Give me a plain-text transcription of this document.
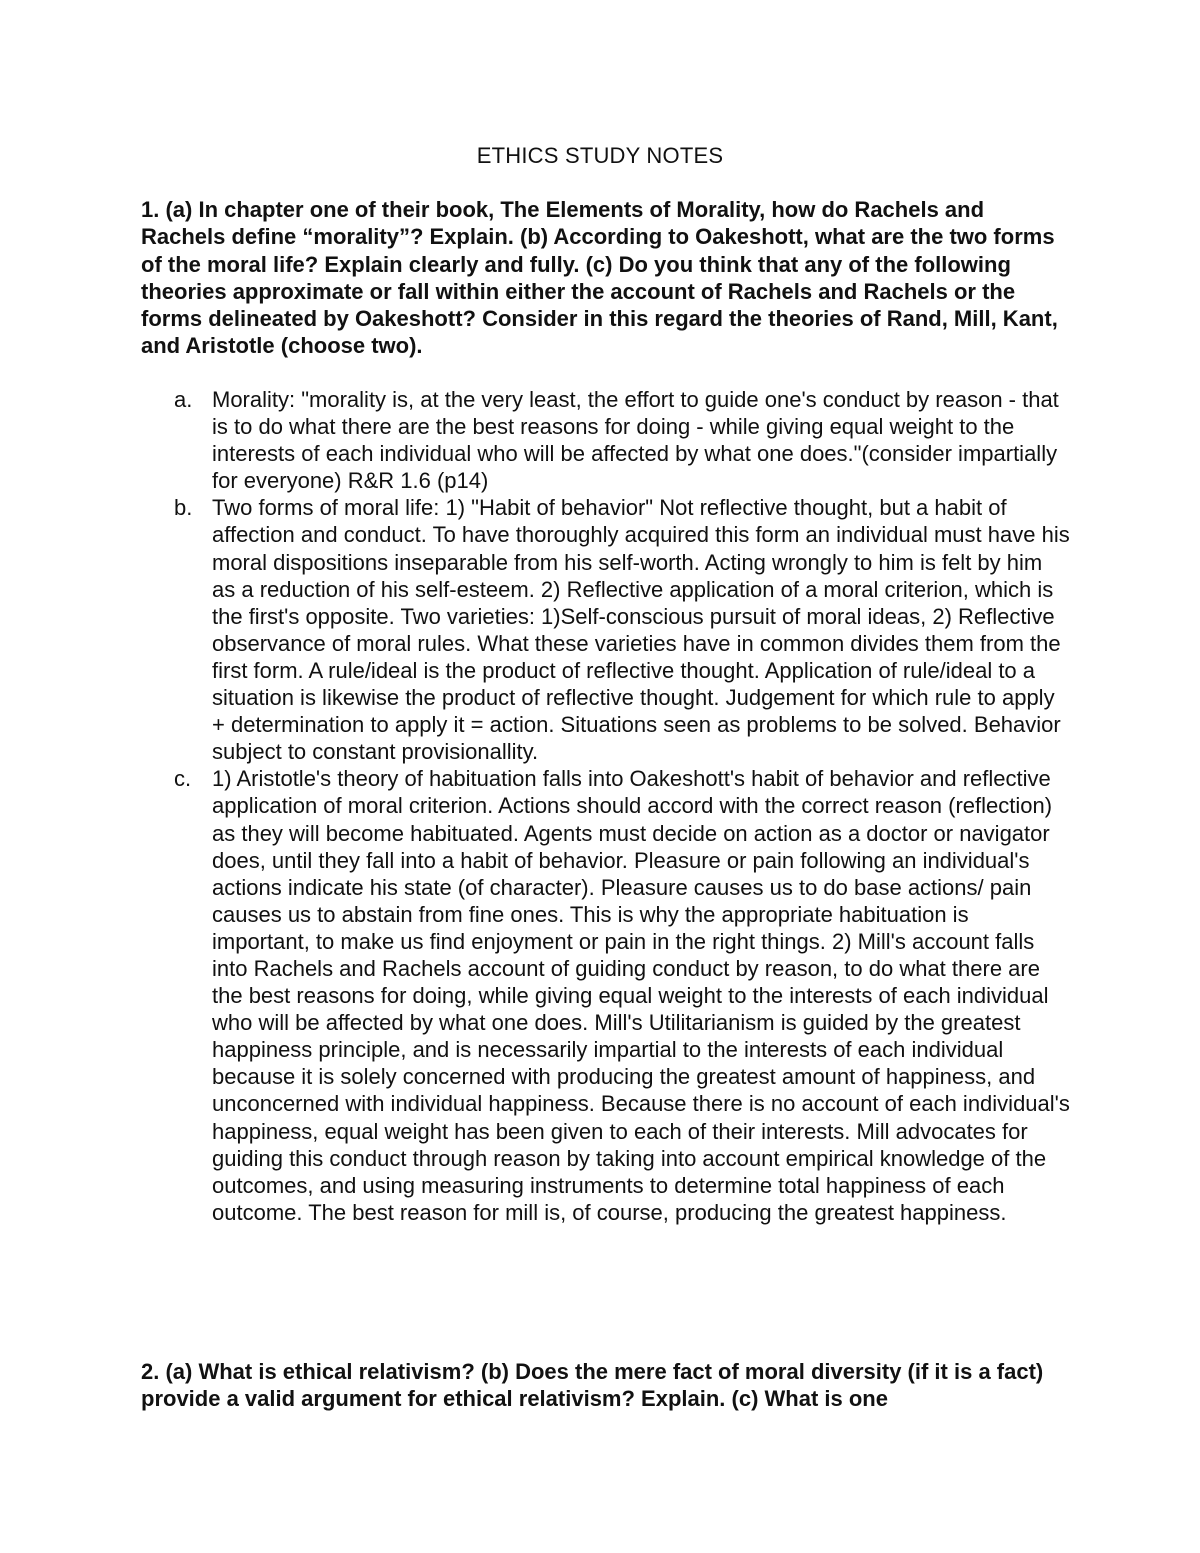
ETHICS STUDY NOTES
1. (a) In chapter one of their book, The Elements of Morality, how do Rachels and Rachels define “morality”? Explain. (b) According to Oakeshott, what are the two forms of the moral life? Explain clearly and fully. (c) Do you think that any of the following theories approximate or fall within either the account of Rachels and Rachels or the forms delineated by Oakeshott? Consider in this regard the theories of Rand, Mill, Kant, and Aristotle (choose two).
a. Morality: "morality is, at the very least, the effort to guide one's conduct by reason - that is to do what there are the best reasons for doing - while giving equal weight to the interests of each individual who will be affected by what one does."(consider impartially for everyone) R&R 1.6 (p14)
b. Two forms of moral life: 1) "Habit of behavior" Not reflective thought, but a habit of affection and conduct. To have thoroughly acquired this form an individual must have his moral dispositions inseparable from his self-worth. Acting wrongly to him is felt by him as a reduction of his self-esteem. 2) Reflective application of a moral criterion, which is the first's opposite. Two varieties: 1)Self-conscious pursuit of moral ideas, 2) Reflective observance of moral rules. What these varieties have in common divides them from the first form. A rule/ideal is the product of reflective thought. Application of rule/ideal to a situation is likewise the product of reflective thought. Judgement for which rule to apply + determination to apply it = action. Situations seen as problems to be solved. Behavior subject to constant provisionallity.
c. 1) Aristotle's theory of habituation falls into Oakeshott's habit of behavior and reflective application of moral criterion. Actions should accord with the correct reason (reflection) as they will become habituated. Agents must decide on action as a doctor or navigator does, until they fall into a habit of behavior. Pleasure or pain following an individual's actions indicate his state (of character). Pleasure causes us to do base actions/ pain causes us to abstain from fine ones. This is why the appropriate habituation is important, to make us find enjoyment or pain in the right things. 2) Mill's account falls into Rachels and Rachels account of guiding conduct by reason, to do what there are the best reasons for doing, while giving equal weight to the interests of each individual who will be affected by what one does. Mill's Utilitarianism is guided by the greatest happiness principle, and is necessarily impartial to the interests of each individual because it is solely concerned with producing the greatest amount of happiness, and unconcerned with individual happiness. Because there is no account of each individual's happiness, equal weight has been given to each of their interests. Mill advocates for guiding this conduct through reason by taking into account empirical knowledge of the outcomes, and using measuring instruments to determine total happiness of each outcome. The best reason for mill is, of course, producing the greatest happiness.
2. (a) What is ethical relativism? (b) Does the mere fact of moral diversity (if it is a fact) provide a valid argument for ethical relativism? Explain. (c) What is one
